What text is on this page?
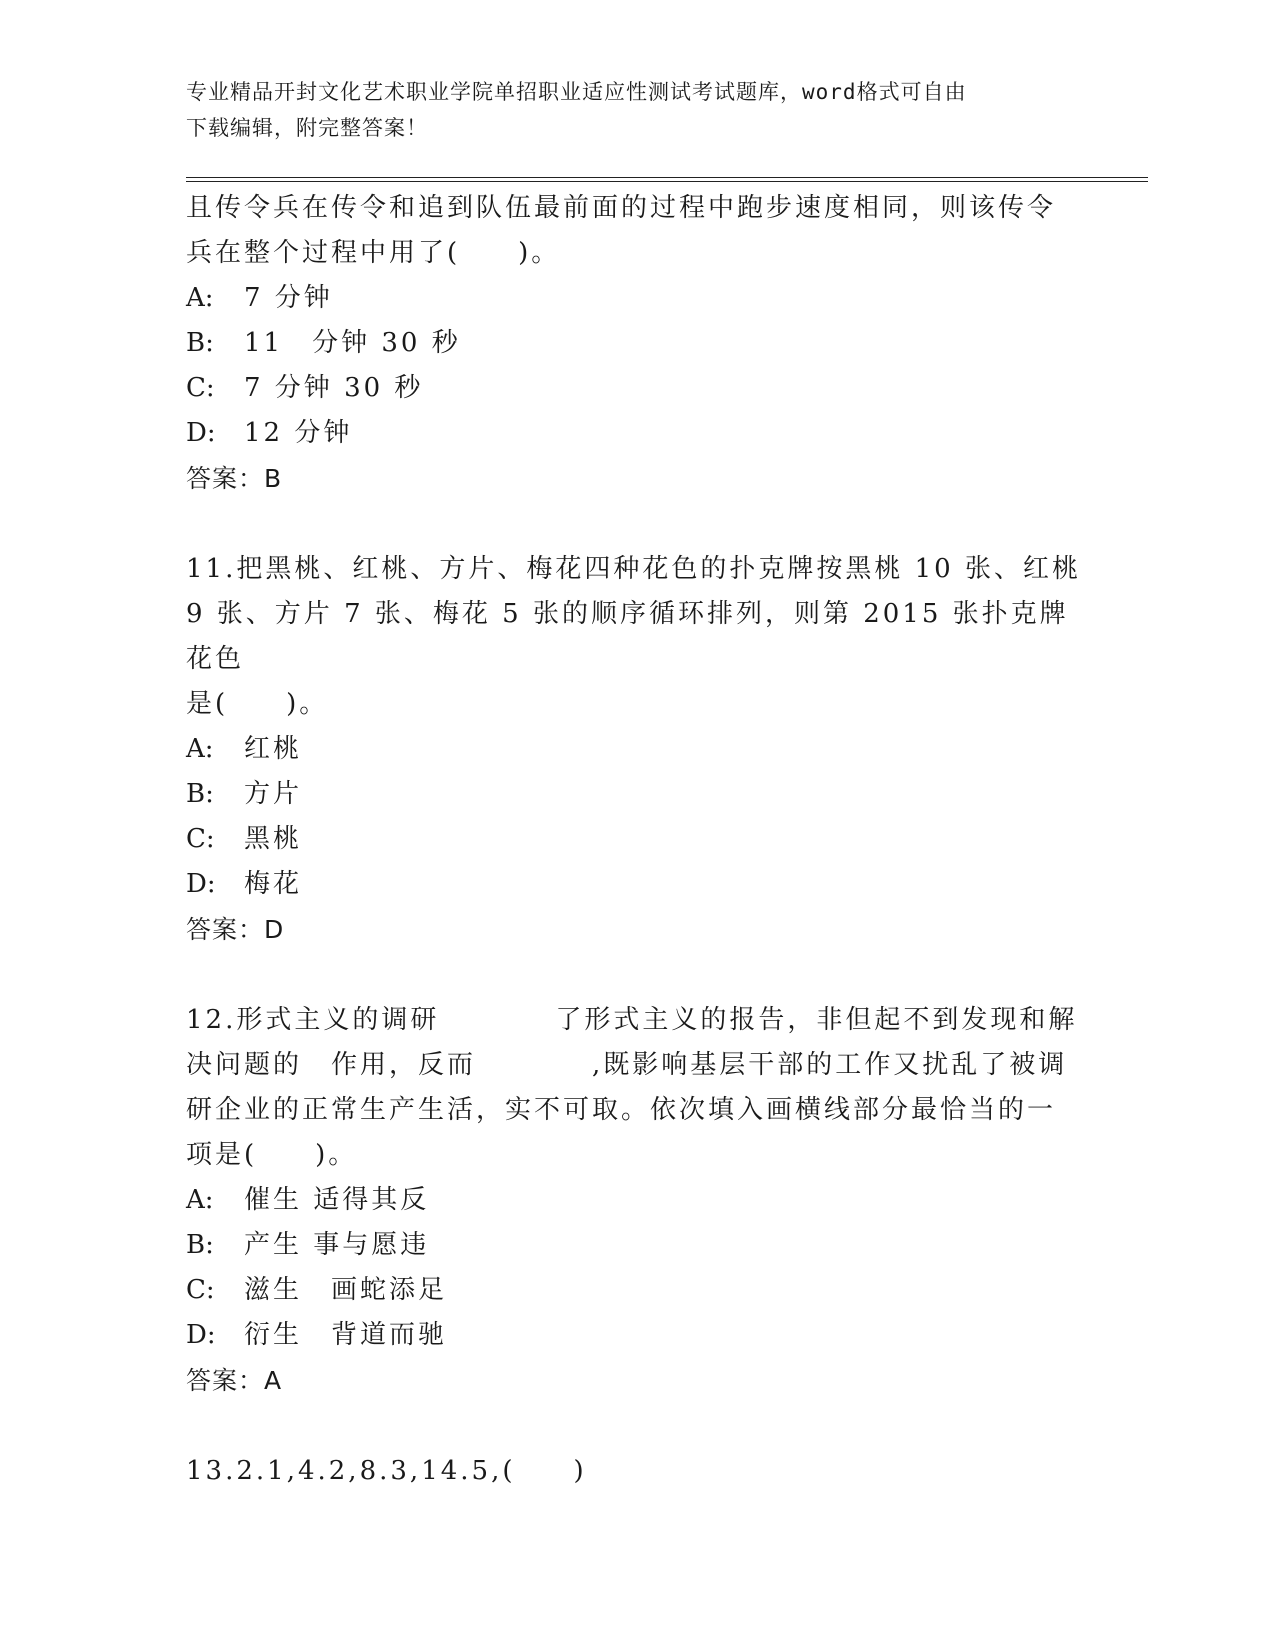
专业精品开封文化艺术职业学院单招职业适应性测试考试题库，word格式可自由
下载编辑，附完整答案！

且传令兵在传令和追到队伍最前面的过程中跑步速度相同，则该传令

兵在整个过程中用了(　　)。

A: 7 分钟
B: 11　分钟 30 秒
C: 7 分钟 30 秒
D: 12 分钟
答案：B

11.把黑桃、红桃、方片、梅花四种花色的扑克牌按黑桃 10 张、红桃

9 张、方片 7 张、梅花 5 张的顺序循环排列，则第 2015 张扑克牌花色

是(　　)。

A: 红桃
B: 方片
C: 黑桃
D: 梅花
答案：D

12.形式主义的调研　　　　了形式主义的报告，非但起不到发现和解

决问题的　作用，反而　　　　,既影响基层干部的工作又扰乱了被调

研企业的正常生产生活，实不可取。依次填入画横线部分最恰当的一

项是(　　)。

A: 催生 适得其反
B: 产生 事与愿违
C: 滋生　画蛇添足
D: 衍生　背道而驰
答案：A

13.2.1,4.2,8.3,14.5,(　　)
